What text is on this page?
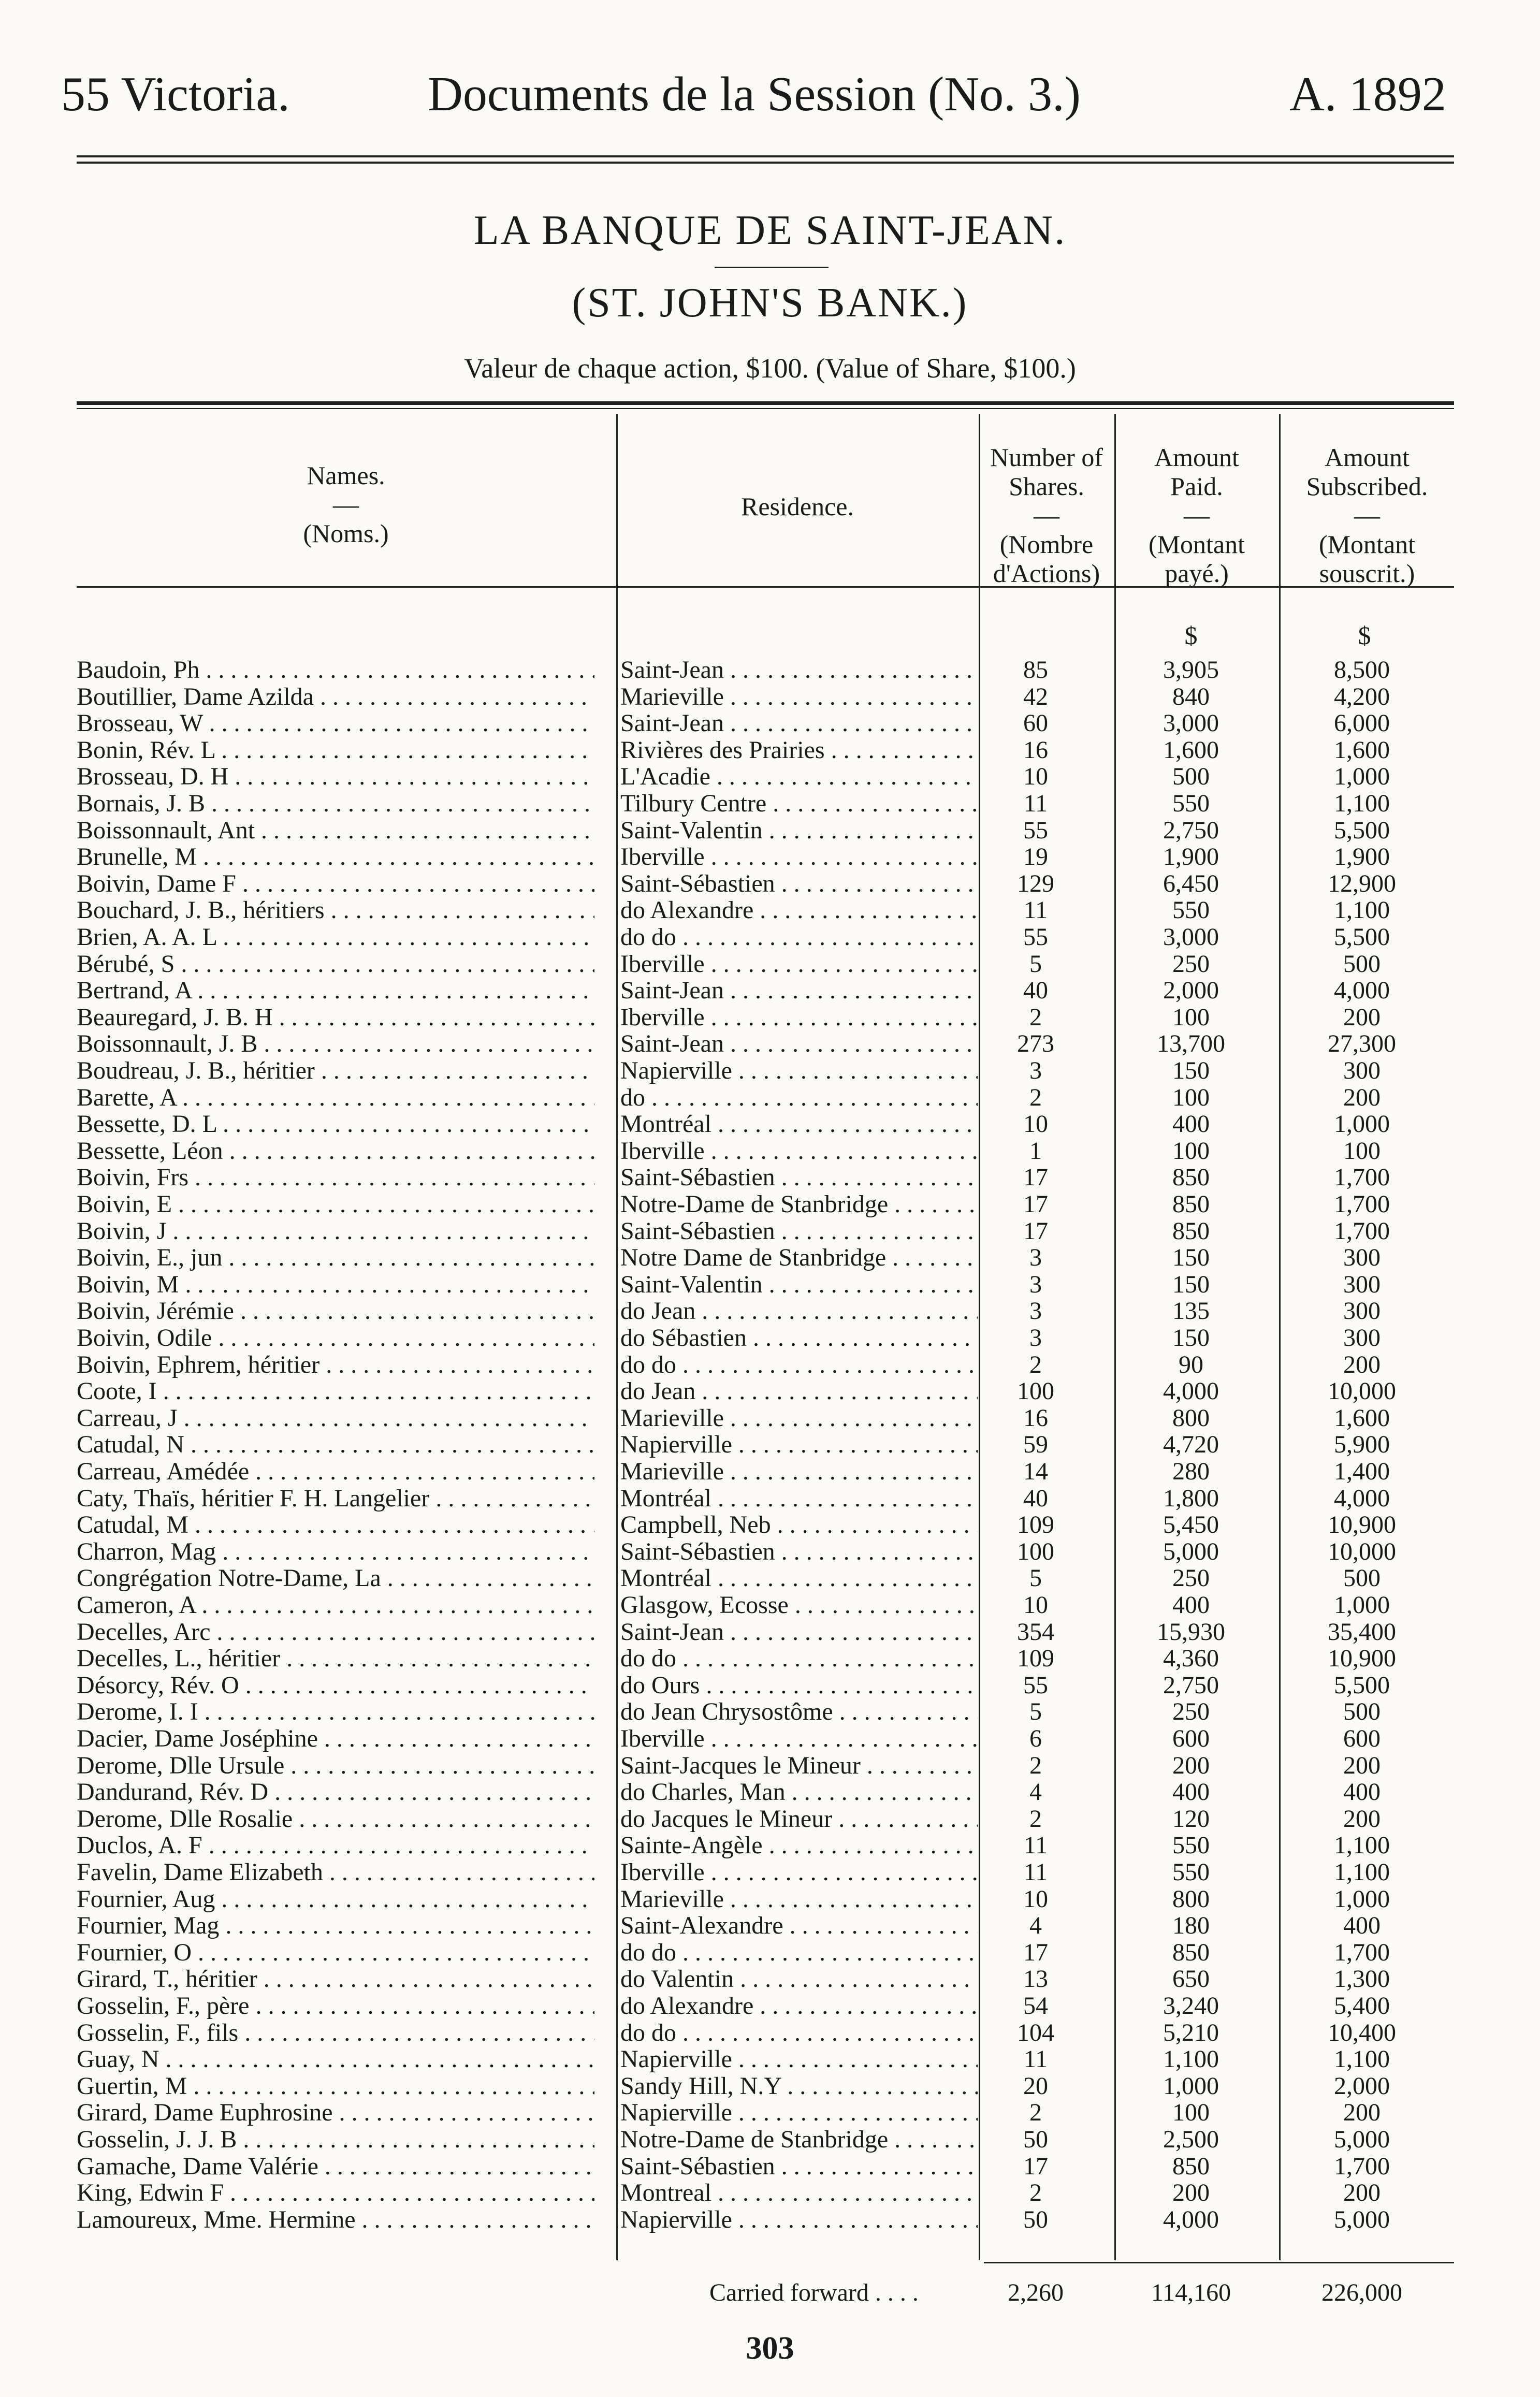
55 Victoria.	Documents de la Session (No. 3.)	A. 1892
LA BANQUE DE SAINT-JEAN.
(ST. JOHN'S BANK.)
Valeur de chaque action, $100. (Value of Share, $100.)
Names.
—
(Noms.)
Residence.
Number of
Shares.
—
(Nombre
d'Actions)
Amount
Paid.
—
(Montant
payé.)
Amount
Subscribed.
—
(Montant
souscrit.)
$	$
Baudoin, Ph . . .	Saint-Jean . . .	85	3,905	8,500
Boutillier, Dame Azilda . . .	Marieville . . .	42	840	4,200
Brosseau, W . . .	Saint-Jean . . .	60	3,000	6,000
Bonin, Rév. L . . .	Rivières des Prairies . . .	16	1,600	1,600
Brosseau, D. H . . .	L'Acadie . . .	10	500	1,000
Bornais, J. B . . .	Tilbury Centre . . .	11	550	1,100
Boissonnault, Ant . . .	Saint-Valentin . . .	55	2,750	5,500
Brunelle, M . . .	Iberville . . .	19	1,900	1,900
Boivin, Dame F . . .	Saint-Sébastien . . .	129	6,450	12,900
Bouchard, J. B., héritiers . . .	do Alexandre . . .	11	550	1,100
Brien, A. A. L . . .	do do . . .	55	3,000	5,500
Bérubé, S . . .	Iberville . . .	5	250	500
Bertrand, A . . .	Saint-Jean . . .	40	2,000	4,000
Beauregard, J. B. H . . .	Iberville . . .	2	100	200
Boissonnault, J. B . . .	Saint-Jean . . .	273	13,700	27,300
Boudreau, J. B., héritier . . .	Napierville . . .	3	150	300
Barette, A . . .	do . . .	2	100	200
Bessette, D. L . . .	Montréal . . .	10	400	1,000
Bessette, Léon . . .	Iberville . . .	1	100	100
Boivin, Frs . . .	Saint-Sébastien . . .	17	850	1,700
Boivin, E . . .	Notre-Dame de Stanbridge . . .	17	850	1,700
Boivin, J . . .	Saint-Sébastien . . .	17	850	1,700
Boivin, E., jun . . .	Notre Dame de Stanbridge . . .	3	150	300
Boivin, M . . .	Saint-Valentin . . .	3	150	300
Boivin, Jérémie . . .	do Jean . . .	3	135	300
Boivin, Odile . . .	do Sébastien . . .	3	150	300
Boivin, Ephrem, héritier . . .	do do . . .	2	90	200
Coote, I . . .	do Jean . . .	100	4,000	10,000
Carreau, J . . .	Marieville . . .	16	800	1,600
Catudal, N . . .	Napierville . . .	59	4,720	5,900
Carreau, Amédée . . .	Marieville . . .	14	280	1,400
Caty, Thaïs, héritier F. H. Langelier . . .	Montréal . . .	40	1,800	4,000
Catudal, M . . .	Campbell, Neb . . .	109	5,450	10,900
Charron, Mag . . .	Saint-Sébastien . . .	100	5,000	10,000
Congrégation Notre-Dame, La . . .	Montréal . . .	5	250	500
Cameron, A . . .	Glasgow, Ecosse . . .	10	400	1,000
Decelles, Arc . . .	Saint-Jean . . .	354	15,930	35,400
Decelles, L., héritier . . .	do do . . .	109	4,360	10,900
Désorcy, Rév. O . . .	do Ours . . .	55	2,750	5,500
Derome, I. I . . .	do Jean Chrysostôme . . .	5	250	500
Dacier, Dame Joséphine . . .	Iberville . . .	6	600	600
Derome, Dlle Ursule . . .	Saint-Jacques le Mineur . . .	2	200	200
Dandurand, Rév. D . . .	do Charles, Man . . .	4	400	400
Derome, Dlle Rosalie . . .	do Jacques le Mineur . . .	2	120	200
Duclos, A. F . . .	Sainte-Angèle . . .	11	550	1,100
Favelin, Dame Elizabeth . . .	Iberville . . .	11	550	1,100
Fournier, Aug . . .	Marieville . . .	10	800	1,000
Fournier, Mag . . .	Saint-Alexandre . . .	4	180	400
Fournier, O . . .	do do . . .	17	850	1,700
Girard, T., héritier . . .	do Valentin . . .	13	650	1,300
Gosselin, F., père . . .	do Alexandre . . .	54	3,240	5,400
Gosselin, F., fils . . .	do do . . .	104	5,210	10,400
Guay, N . . .	Napierville . . .	11	1,100	1,100
Guertin, M . . .	Sandy Hill, N.Y . . .	20	1,000	2,000
Girard, Dame Euphrosine . . .	Napierville . . .	2	100	200
Gosselin, J. J. B . . .	Notre-Dame de Stanbridge . . .	50	2,500	5,000
Gamache, Dame Valérie . . .	Saint-Sébastien . . .	17	850	1,700
King, Edwin F . . .	Montreal . . .	2	200	200
Lamoureux, Mme. Hermine . . .	Napierville . . .	50	4,000	5,000
Carried forward . . . .	2,260	114,160	226,000
303
